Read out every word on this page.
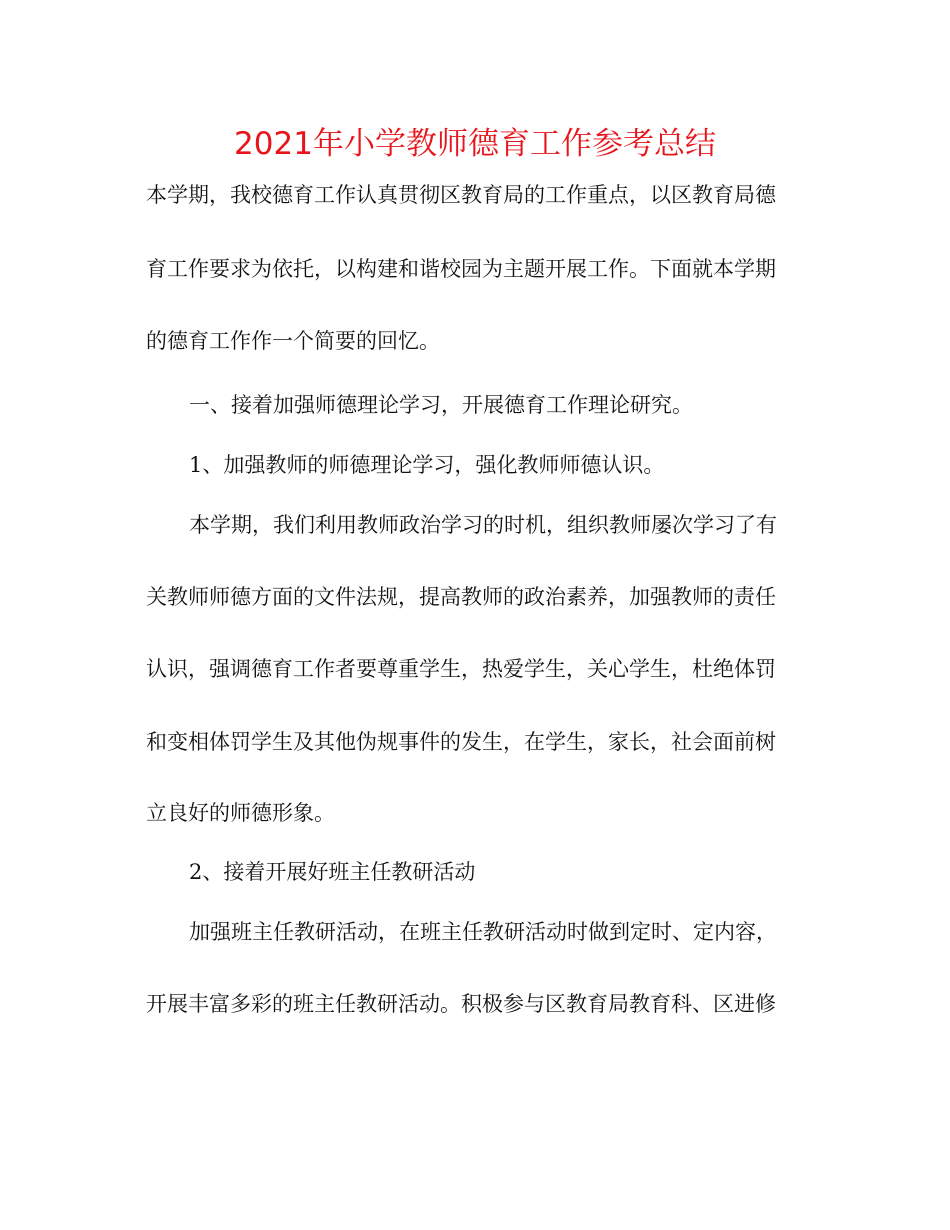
2021年小学教师德育工作参考总结
本学期，我校德育工作认真贯彻区教育局的工作重点，以区教育局德
育工作要求为依托，以构建和谐校园为主题开展工作。下面就本学期
的德育工作作一个简要的回忆。
一、接着加强师德理论学习，开展德育工作理论研究。
1、加强教师的师德理论学习，强化教师师德认识。
本学期，我们利用教师政治学习的时机，组织教师屡次学习了有
关教师师德方面的文件法规，提高教师的政治素养，加强教师的责任
认识，强调德育工作者要尊重学生，热爱学生，关心学生，杜绝体罚
和变相体罚学生及其他伪规事件的发生，在学生，家长，社会面前树
立良好的师德形象。
2、接着开展好班主任教研活动
加强班主任教研活动，在班主任教研活动时做到定时、定内容，
开展丰富多彩的班主任教研活动。积极参与区教育局教育科、区进修
